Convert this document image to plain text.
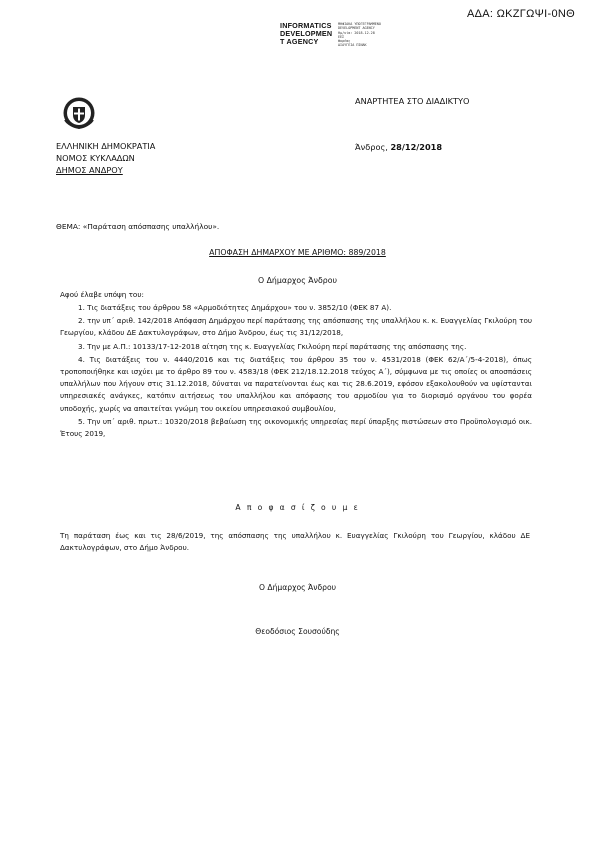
ΑΔΑ: ΩΚΖΓΩΨΙ-0ΝΘ
INFORMATICS
DEVELOPMEN
T AGENCY
ΨΗΦΙΑΚΑ ΥΠΟΓΕΓΡΑΜΜΕΝΟ
DEVELOPMENT AGENCY
Ημ/νία: 2018.12.28
ΕΕΣ
Φορέας
ΔΙΑΥΓΕΙΑ ΠΙΝΑΚ
ΑΝΑΡΤΗΤΕΑ ΣΤΟ ΔΙΑΔΙΚΤΥΟ
ΕΛΛΗΝΙΚΗ ΔΗΜΟΚΡΑΤΙΑ
ΝΟΜΟΣ ΚΥΚΛΑΔΩΝ
ΔΗΜΟΣ ΑΝΔΡΟΥ
Άνδρος, 28/12/2018
ΘΕΜΑ: «Παράταση απόσπασης υπαλλήλου».
ΑΠΟΦΑΣΗ ΔΗΜΑΡΧΟΥ ΜΕ ΑΡΙΘΜΟ: 889/2018
Ο Δήμαρχος Άνδρου
Αφού έλαβε υπόψη του:

1. Τις διατάξεις του άρθρου 58 «Αρμοδιότητες Δημάρχου» του ν. 3852/10 (ΦΕΚ 87 Α).

2. την υπ΄ αριθ. 142/2018 Απόφαση Δημάρχου περί παράτασης της απόσπασης της υπαλλήλου κ. κ. Ευαγγελίας Γκιλούρη του Γεωργίου, κλάδου ΔΕ Δακτυλογράφων, στο Δήμο Άνδρου, έως τις 31/12/2018,

3. Την με Α.Π.: 10133/17-12-2018 αίτηση της κ. Ευαγγελίας Γκιλούρη περί παράτασης της απόσπασης της.

4. Τις διατάξεις του ν. 4440/2016 και τις διατάξεις του άρθρου 35 του ν. 4531/2018 (ΦΕΚ 62/Α΄/5-4-2018), όπως τροποποιήθηκε και ισχύει με το άρθρο 89 του ν. 4583/18 (ΦΕΚ 212/18.12.2018 τεύχος Α΄), σύμφωνα με τις οποίες οι αποσπάσεις υπαλλήλων που λήγουν στις 31.12.2018, δύναται να παρατείνονται έως και τις 28.6.2019, εφόσον εξακολουθούν να υφίστανται υπηρεσιακές ανάγκες, κατόπιν αιτήσεως του υπαλλήλου και απόφασης του αρμοδίου για το διορισμό οργάνου του φορέα υποδοχής, χωρίς να απαιτείται γνώμη του οικείου υπηρεσιακού συμβουλίου,

5. Την υπ΄ αριθ. πρωτ.: 10320/2018 βεβαίωση της οικονομικής υπηρεσίας περί ύπαρξης πιστώσεων στο Προϋπολογισμό οικ. Έτους 2019,

Α π ο φ α σ ί ζ ο υ μ ε
Τη παράταση έως και τις 28/6/2019, της απόσπασης της υπαλλήλου κ. Ευαγγελίας Γκιλούρη του Γεωργίου, κλάδου ΔΕ Δακτυλογράφων, στο Δήμο Άνδρου.
Ο Δήμαρχος Άνδρου
Θεοδόσιος Σουσούδης
